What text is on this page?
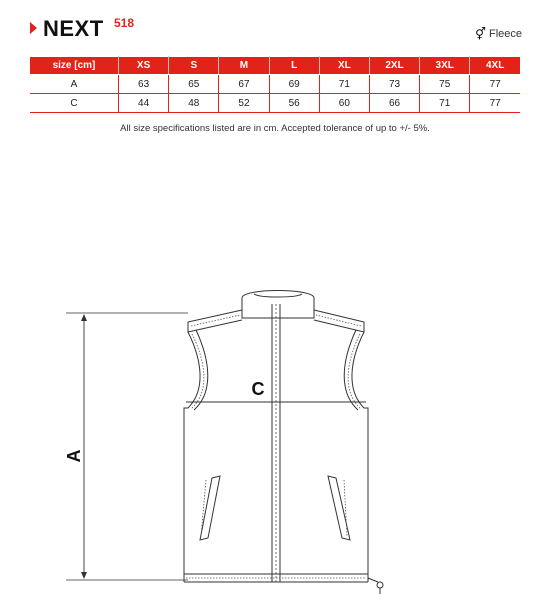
NEXT 518
⚥ Fleece
size [cm]	XS	S	M	L	XL	2XL	3XL	4XL
A	63	65	67	69	71	73	75	77
C	44	48	52	56	60	66	71	77
All size specifications listed are in cm. Accepted tolerance of up to +/- 5%.
A
C
